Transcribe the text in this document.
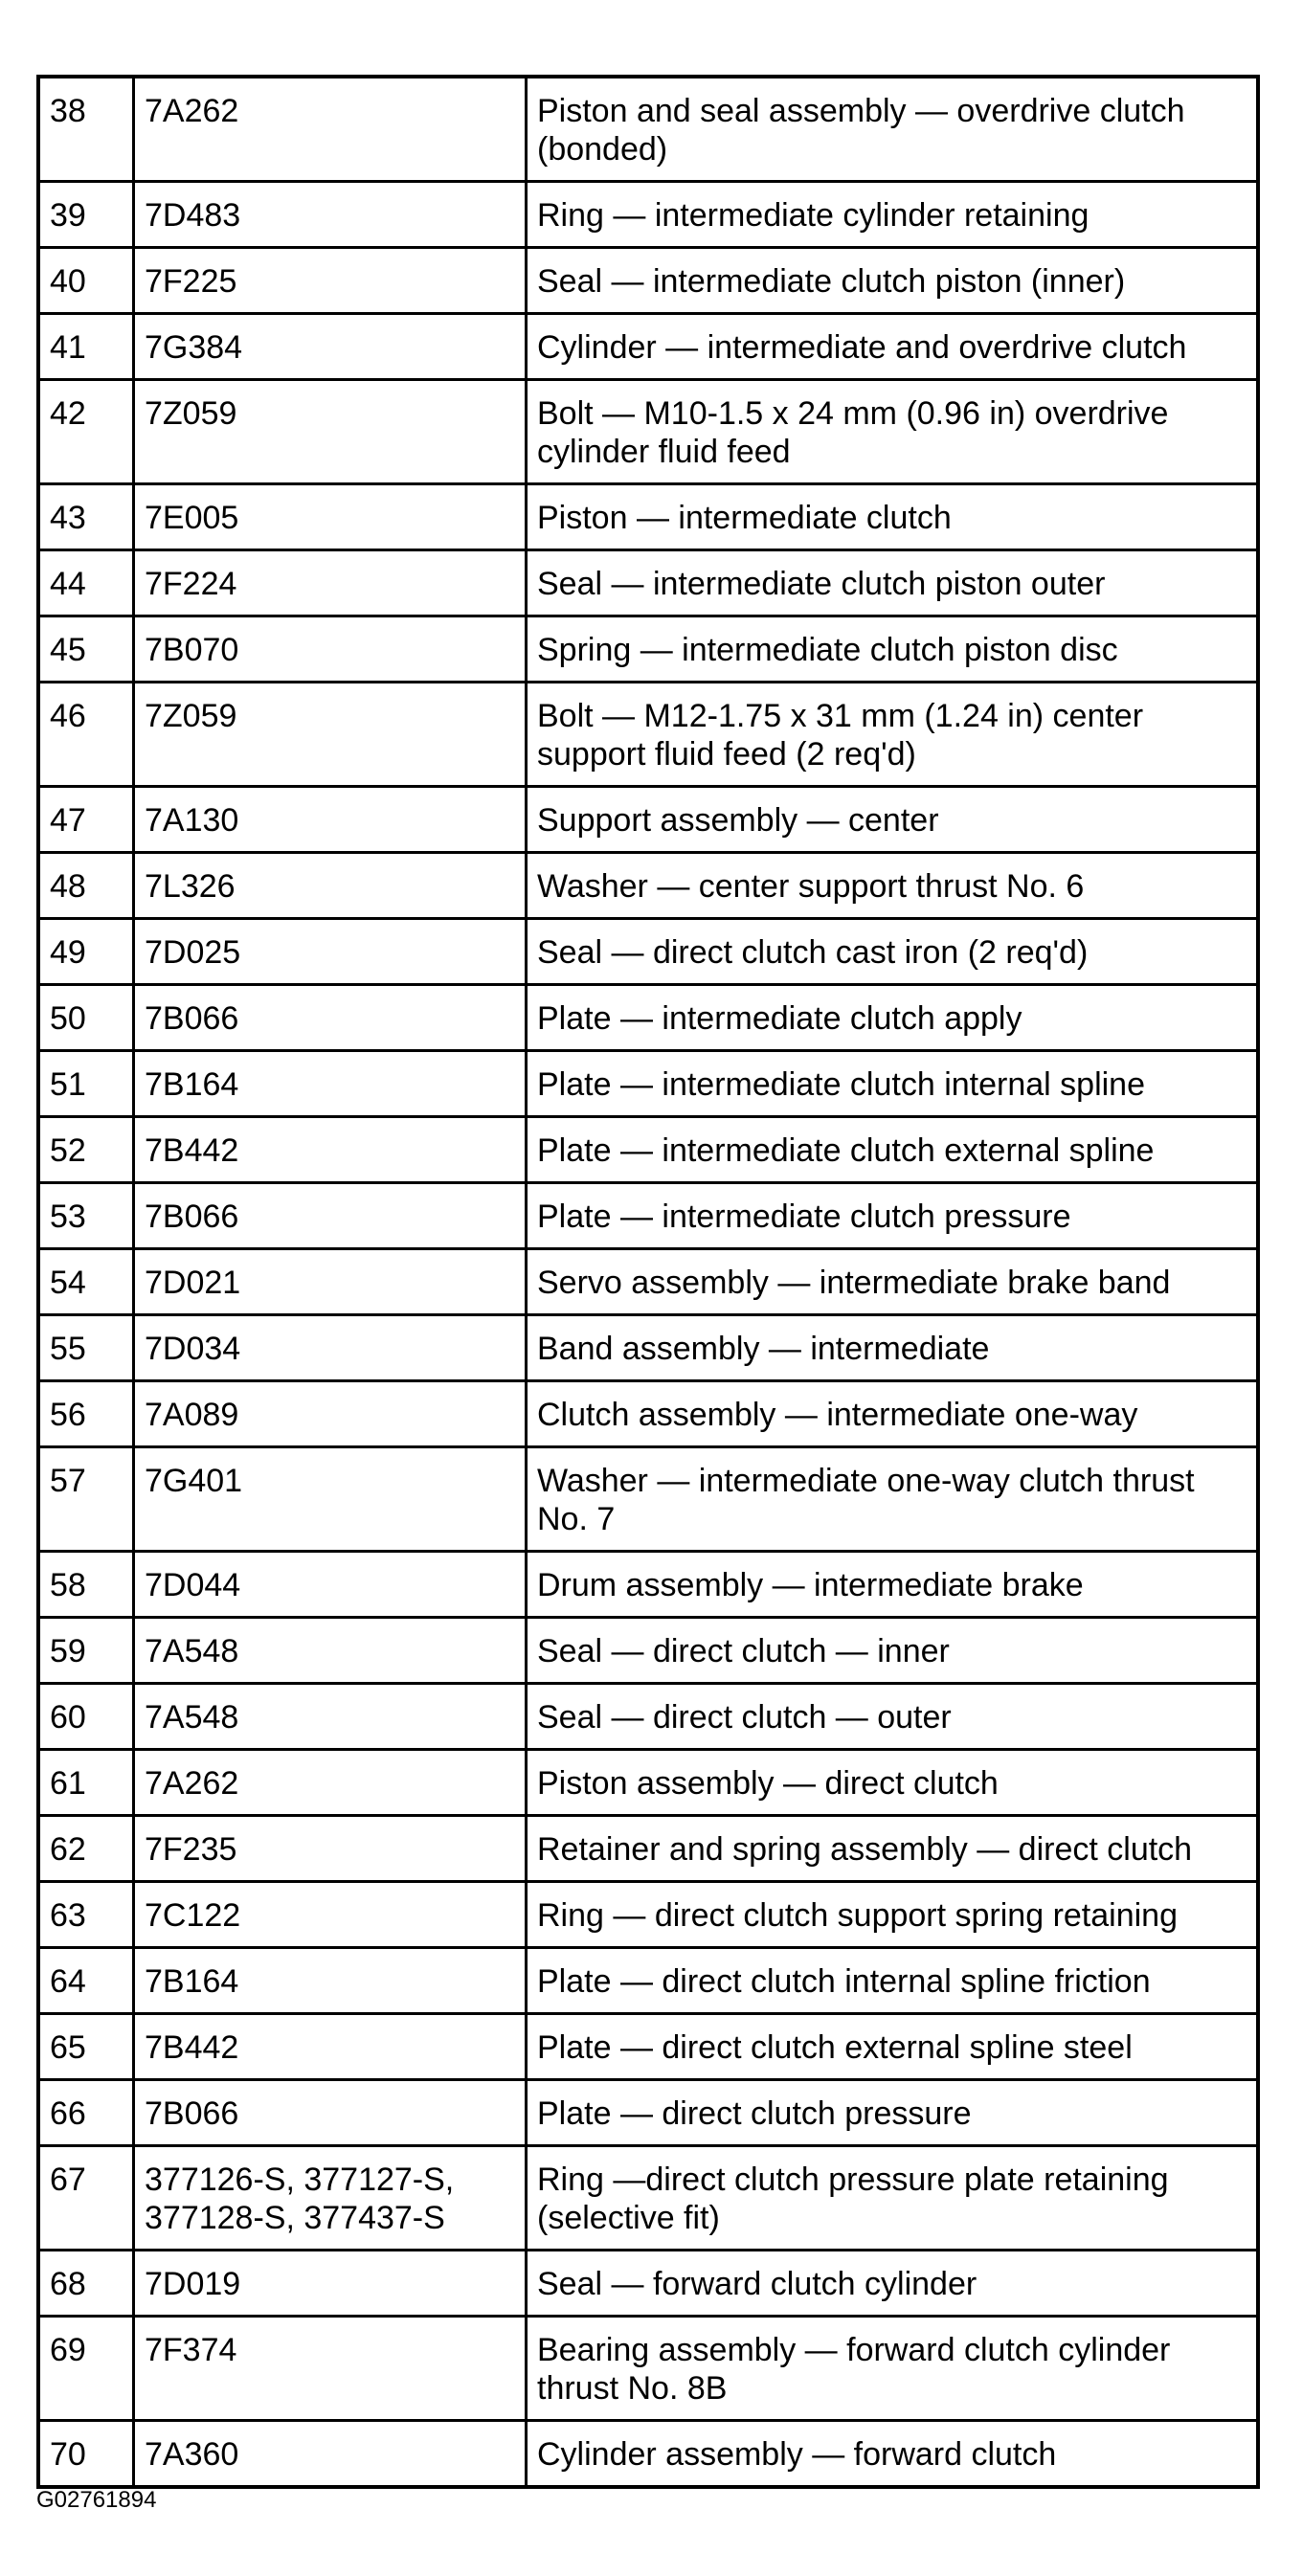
38	7A262	Piston and seal assembly — overdrive clutch (bonded)
39	7D483	Ring — intermediate cylinder retaining
40	7F225	Seal — intermediate clutch piston (inner)
41	7G384	Cylinder — intermediate and overdrive clutch
42	7Z059	Bolt — M10-1.5 x 24 mm (0.96 in) overdrive cylinder fluid feed
43	7E005	Piston — intermediate clutch
44	7F224	Seal — intermediate clutch piston outer
45	7B070	Spring — intermediate clutch piston disc
46	7Z059	Bolt — M12-1.75 x 31 mm (1.24 in) center support fluid feed (2 req'd)
47	7A130	Support assembly — center
48	7L326	Washer — center support thrust No. 6
49	7D025	Seal — direct clutch cast iron (2 req'd)
50	7B066	Plate — intermediate clutch apply
51	7B164	Plate — intermediate clutch internal spline
52	7B442	Plate — intermediate clutch external spline
53	7B066	Plate — intermediate clutch pressure
54	7D021	Servo assembly — intermediate brake band
55	7D034	Band assembly — intermediate
56	7A089	Clutch assembly — intermediate one-way
57	7G401	Washer — intermediate one-way clutch thrust No. 7
58	7D044	Drum assembly — intermediate brake
59	7A548	Seal — direct clutch — inner
60	7A548	Seal — direct clutch — outer
61	7A262	Piston assembly — direct clutch
62	7F235	Retainer and spring assembly — direct clutch
63	7C122	Ring — direct clutch support spring retaining
64	7B164	Plate — direct clutch internal spline friction
65	7B442	Plate — direct clutch external spline steel
66	7B066	Plate — direct clutch pressure
67	377126-S, 377127-S, 377128-S, 377437-S	Ring —direct clutch pressure plate retaining (selective fit)
68	7D019	Seal — forward clutch cylinder
69	7F374	Bearing assembly — forward clutch cylinder thrust No. 8B
70	7A360	Cylinder assembly — forward clutch
G02761894
